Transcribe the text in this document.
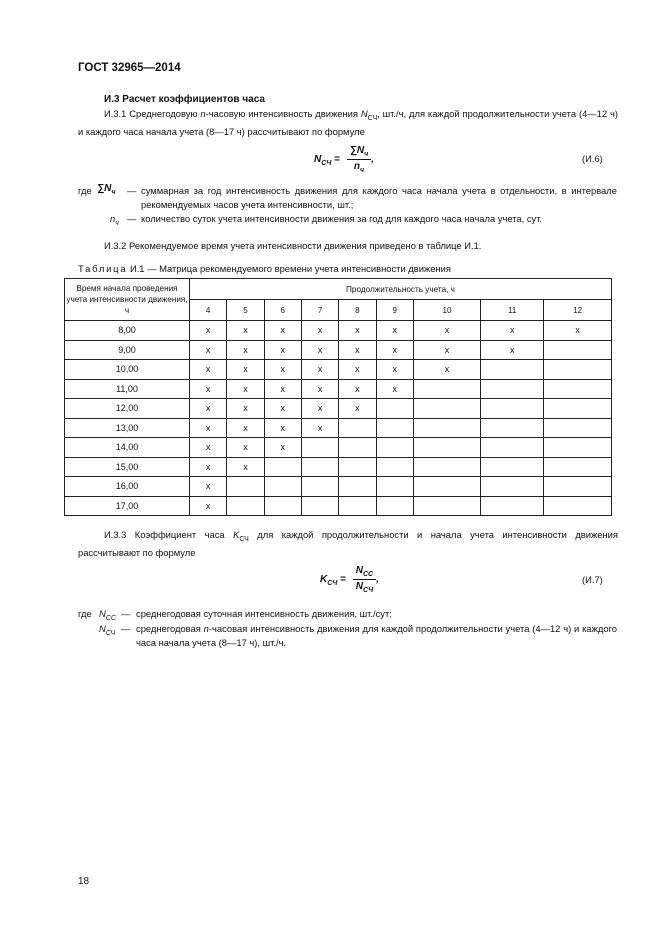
ГОСТ 32965—2014
И.3 Расчет коэффициентов часа
И.3.1 Среднегодовую n-часовую интенсивность движения $N_{СЧ}$, шт./ч, для каждой продолжительности учета (4—12 ч) и каждого часа начала учета (8—17 ч) рассчитывают по формуле
$N_{СЧ} = \frac{\sum N_ч}{n_ч}$ ,	(И.6)
где $\sum N_ч$ — суммарная за год интенсивность движения для каждого часа начала учета в отдельности, в интервале рекомендуемых часов учета интенсивности, шт.;
$n_ч$ — количество суток учета интенсивности движения за год для каждого часа начала учета, сут.
И.3.2 Рекомендуемое время учета интенсивности движения приведено в таблице И.1.
Таблица И.1 — Матрица рекомендуемого времени учета интенсивности движения
Время начала проведения учета интенсивности движения, ч	Продолжительность учета, ч								
	4	5	6	7	8	9	10	11	12
8,00	x	x	x	x	x	x	x	x	x
9,00	x	x	x	x	x	x	x	x	
10,00	x	x	x	x	x	x	x		
11,00	x	x	x	x	x	x			
12,00	x	x	x	x	x				
13,00	x	x	x	x					
14,00	x	x	x						
15,00	x	x							
16,00	x								
17,00	x								
И.3.3 Коэффициент часа $K_{СЧ}$ для каждой продолжительности и начала учета интенсивности движения рассчитывают по формуле
$K_{СЧ} = \frac{N_{СС}}{N_{СЧ}}$ ,	(И.7)
где $N_{СС}$ — среднегодовая суточная интенсивность движения, шт./сут;
$N_{СЧ}$ — среднегодовая n-часовая интенсивность движения для каждой продолжительности учета (4—12 ч) и каждого часа начала учета (8—17 ч), шт./ч.
18
